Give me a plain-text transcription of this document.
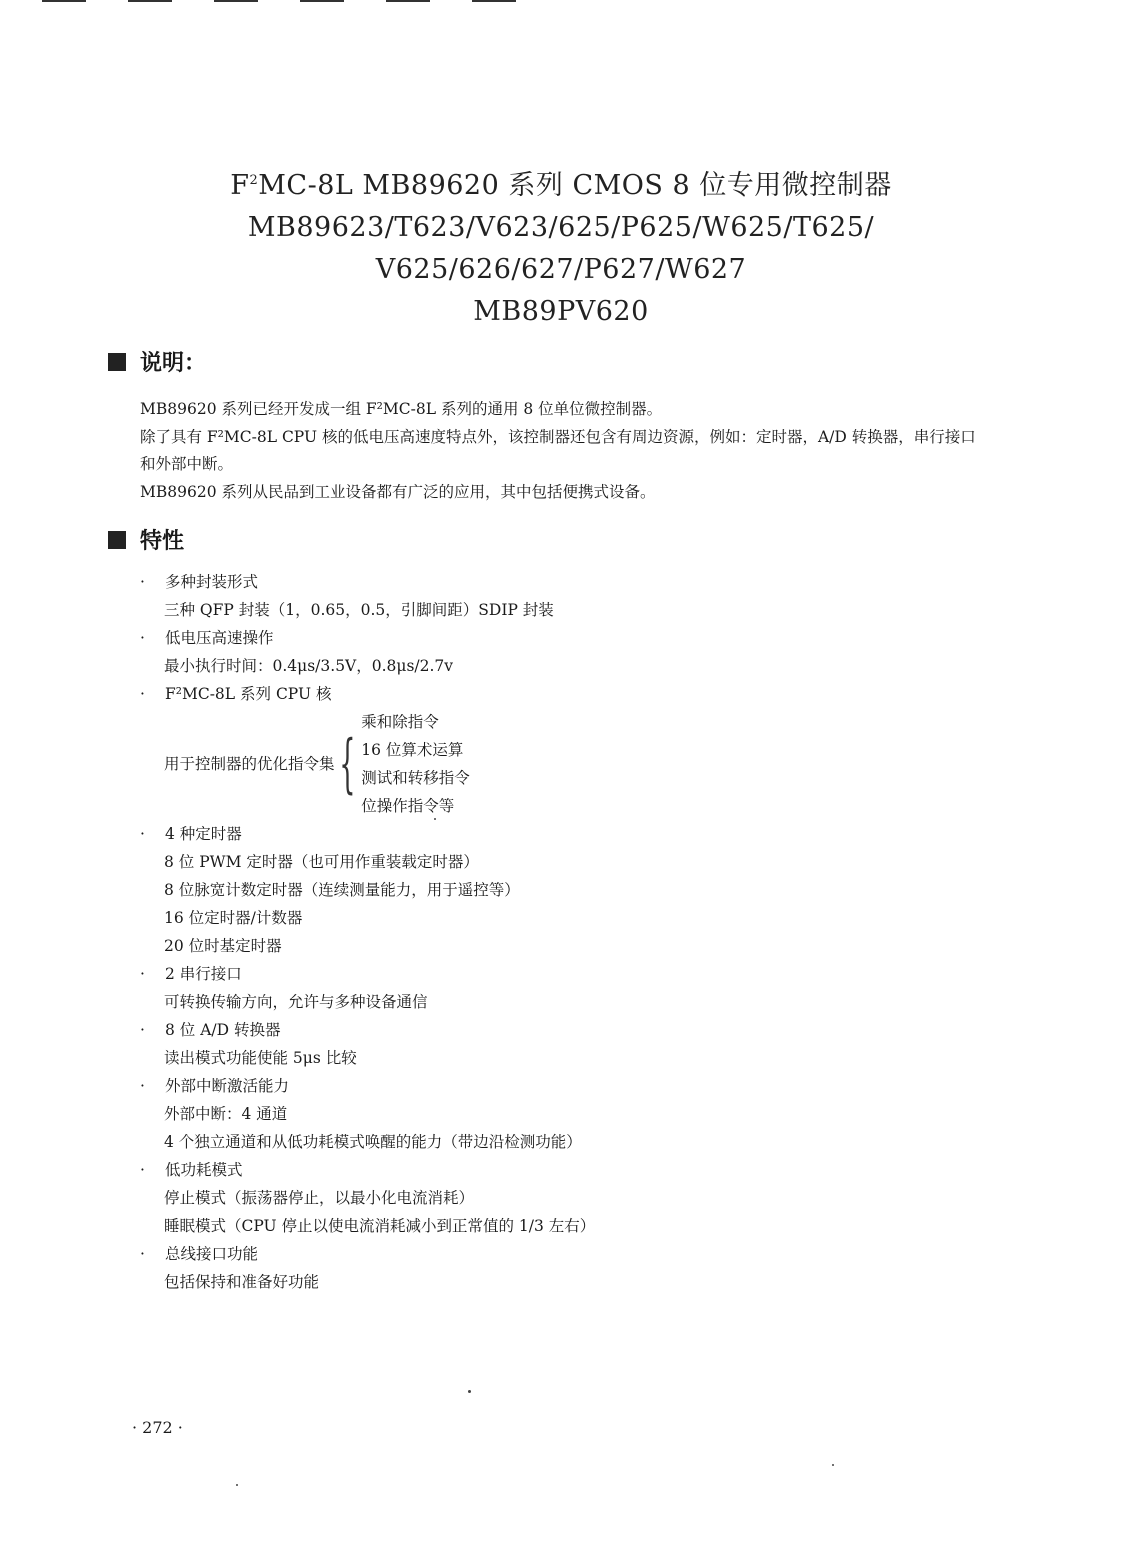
$F^2MC-8L$ MB89620 系列 CMOS 8 位专用微控制器
MB89623/T623/V623/625/P625/W625/T625/
V625/626/627/P627/W627
MB89PV620
说明：

MB89620 系列已经开发成一组 F²MC-8L 系列的通用 8 位单位微控制器。

除了具有 F²MC-8L CPU 核的低电压高速度特点外，该控制器还包含有周边资源，例如：定时器，A/D 转换器，串行接口和外部中断。

MB89620 系列从民品到工业设备都有广泛的应用，其中包括便携式设备。

特性
·	多种封装形式
三种 QFP 封装（1，0.65，0.5，引脚间距）SDIP 封装
·	低电压高速操作
最小执行时间：0.4μs/3.5V，0.8μs/2.7v
·	F²MC-8L 系列 CPU 核
用于控制器的优化指令集 {
乘和除指令
16 位算术运算
测试和转移指令
位操作指令等
·	4 种定时器
8 位 PWM 定时器（也可用作重装载定时器）
8 位脉宽计数定时器（连续测量能力，用于遥控等）
16 位定时器/计数器
20 位时基定时器
·	2 串行接口
可转换传输方向，允许与多种设备通信
·	8 位 A/D 转换器
读出模式功能使能 5μs 比较
·	外部中断激活能力
外部中断：4 通道
4 个独立通道和从低功耗模式唤醒的能力（带边沿检测功能）
·	低功耗模式
停止模式（振荡器停止，以最小化电流消耗）
睡眠模式（CPU 停止以使电流消耗减小到正常值的 1/3 左右）
·	总线接口功能
包括保持和准备好功能
· 272 ·
